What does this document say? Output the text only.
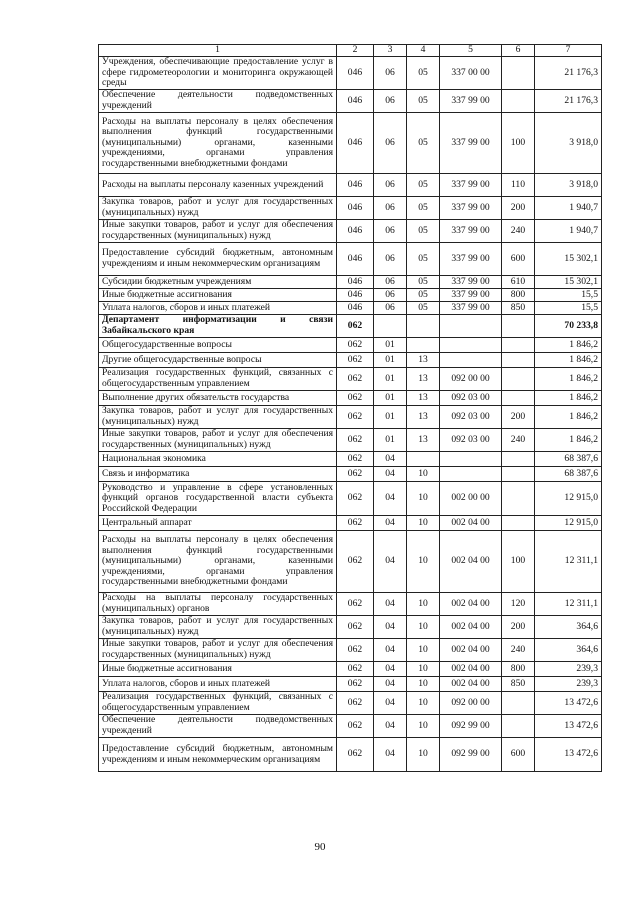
1	2	3	4	5	6	7
Учреждения, обеспечивающие предоставление услуг в сфере гидрометеорологии и мониторинга окружающей среды	046	06	05	337 00 00		21 176,3
Обеспечение деятельности подведомственных учреждений	046	06	05	337 99 00		21 176,3
Расходы на выплаты персоналу в целях обеспечения выполнения функций государственными (муниципальными) органами, казенными учреждениями, органами управления государственными внебюджетными фондами	046	06	05	337 99 00	100	3 918,0
Расходы на выплаты персоналу казенных учреждений	046	06	05	337 99 00	110	3 918,0
Закупка товаров, работ и услуг для государственных (муниципальных) нужд	046	06	05	337 99 00	200	1 940,7
Иные закупки товаров, работ и услуг для обеспечения государственных (муниципальных) нужд	046	06	05	337 99 00	240	1 940,7
Предоставление субсидий бюджетным, автономным учреждениям и иным некоммерческим организациям	046	06	05	337 99 00	600	15 302,1
Субсидии бюджетным учреждениям	046	06	05	337 99 00	610	15 302,1
Иные бюджетные ассигнования	046	06	05	337 99 00	800	15,5
Уплата налогов, сборов и иных платежей	046	06	05	337 99 00	850	15,5
Департамент информатизации и связи Забайкальского края	062					70 233,8
Общегосударственные вопросы	062	01				1 846,2
Другие общегосударственные вопросы	062	01	13			1 846,2
Реализация государственных функций, связанных с общегосударственным управлением	062	01	13	092 00 00		1 846,2
Выполнение других обязательств государства	062	01	13	092 03 00		1 846,2
Закупка товаров, работ и услуг для государственных (муниципальных) нужд	062	01	13	092 03 00	200	1 846,2
Иные закупки товаров, работ и услуг для обеспечения государственных (муниципальных) нужд	062	01	13	092 03 00	240	1 846,2
Национальная экономика	062	04				68 387,6
Связь и информатика	062	04	10			68 387,6
Руководство и управление в сфере установленных функций органов государственной власти субъекта Российской Федерации	062	04	10	002 00 00		12 915,0
Центральный аппарат	062	04	10	002 04 00		12 915,0
Расходы на выплаты персоналу в целях обеспечения выполнения функций государственными (муниципальными) органами, казенными учреждениями, органами управления государственными внебюджетными фондами	062	04	10	002 04 00	100	12 311,1
Расходы на выплаты персоналу государственных (муниципальных) органов	062	04	10	002 04 00	120	12 311,1
Закупка товаров, работ и услуг для государственных (муниципальных) нужд	062	04	10	002 04 00	200	364,6
Иные закупки товаров, работ и услуг для обеспечения государственных (муниципальных) нужд	062	04	10	002 04 00	240	364,6
Иные бюджетные ассигнования	062	04	10	002 04 00	800	239,3
Уплата налогов, сборов и иных платежей	062	04	10	002 04 00	850	239,3
Реализация государственных функций, связанных с общегосударственным управлением	062	04	10	092 00 00		13 472,6
Обеспечение деятельности подведомственных учреждений	062	04	10	092 99 00		13 472,6
Предоставление субсидий бюджетным, автономным учреждениям и иным некоммерческим организациям	062	04	10	092 99 00	600	13 472,6
90
